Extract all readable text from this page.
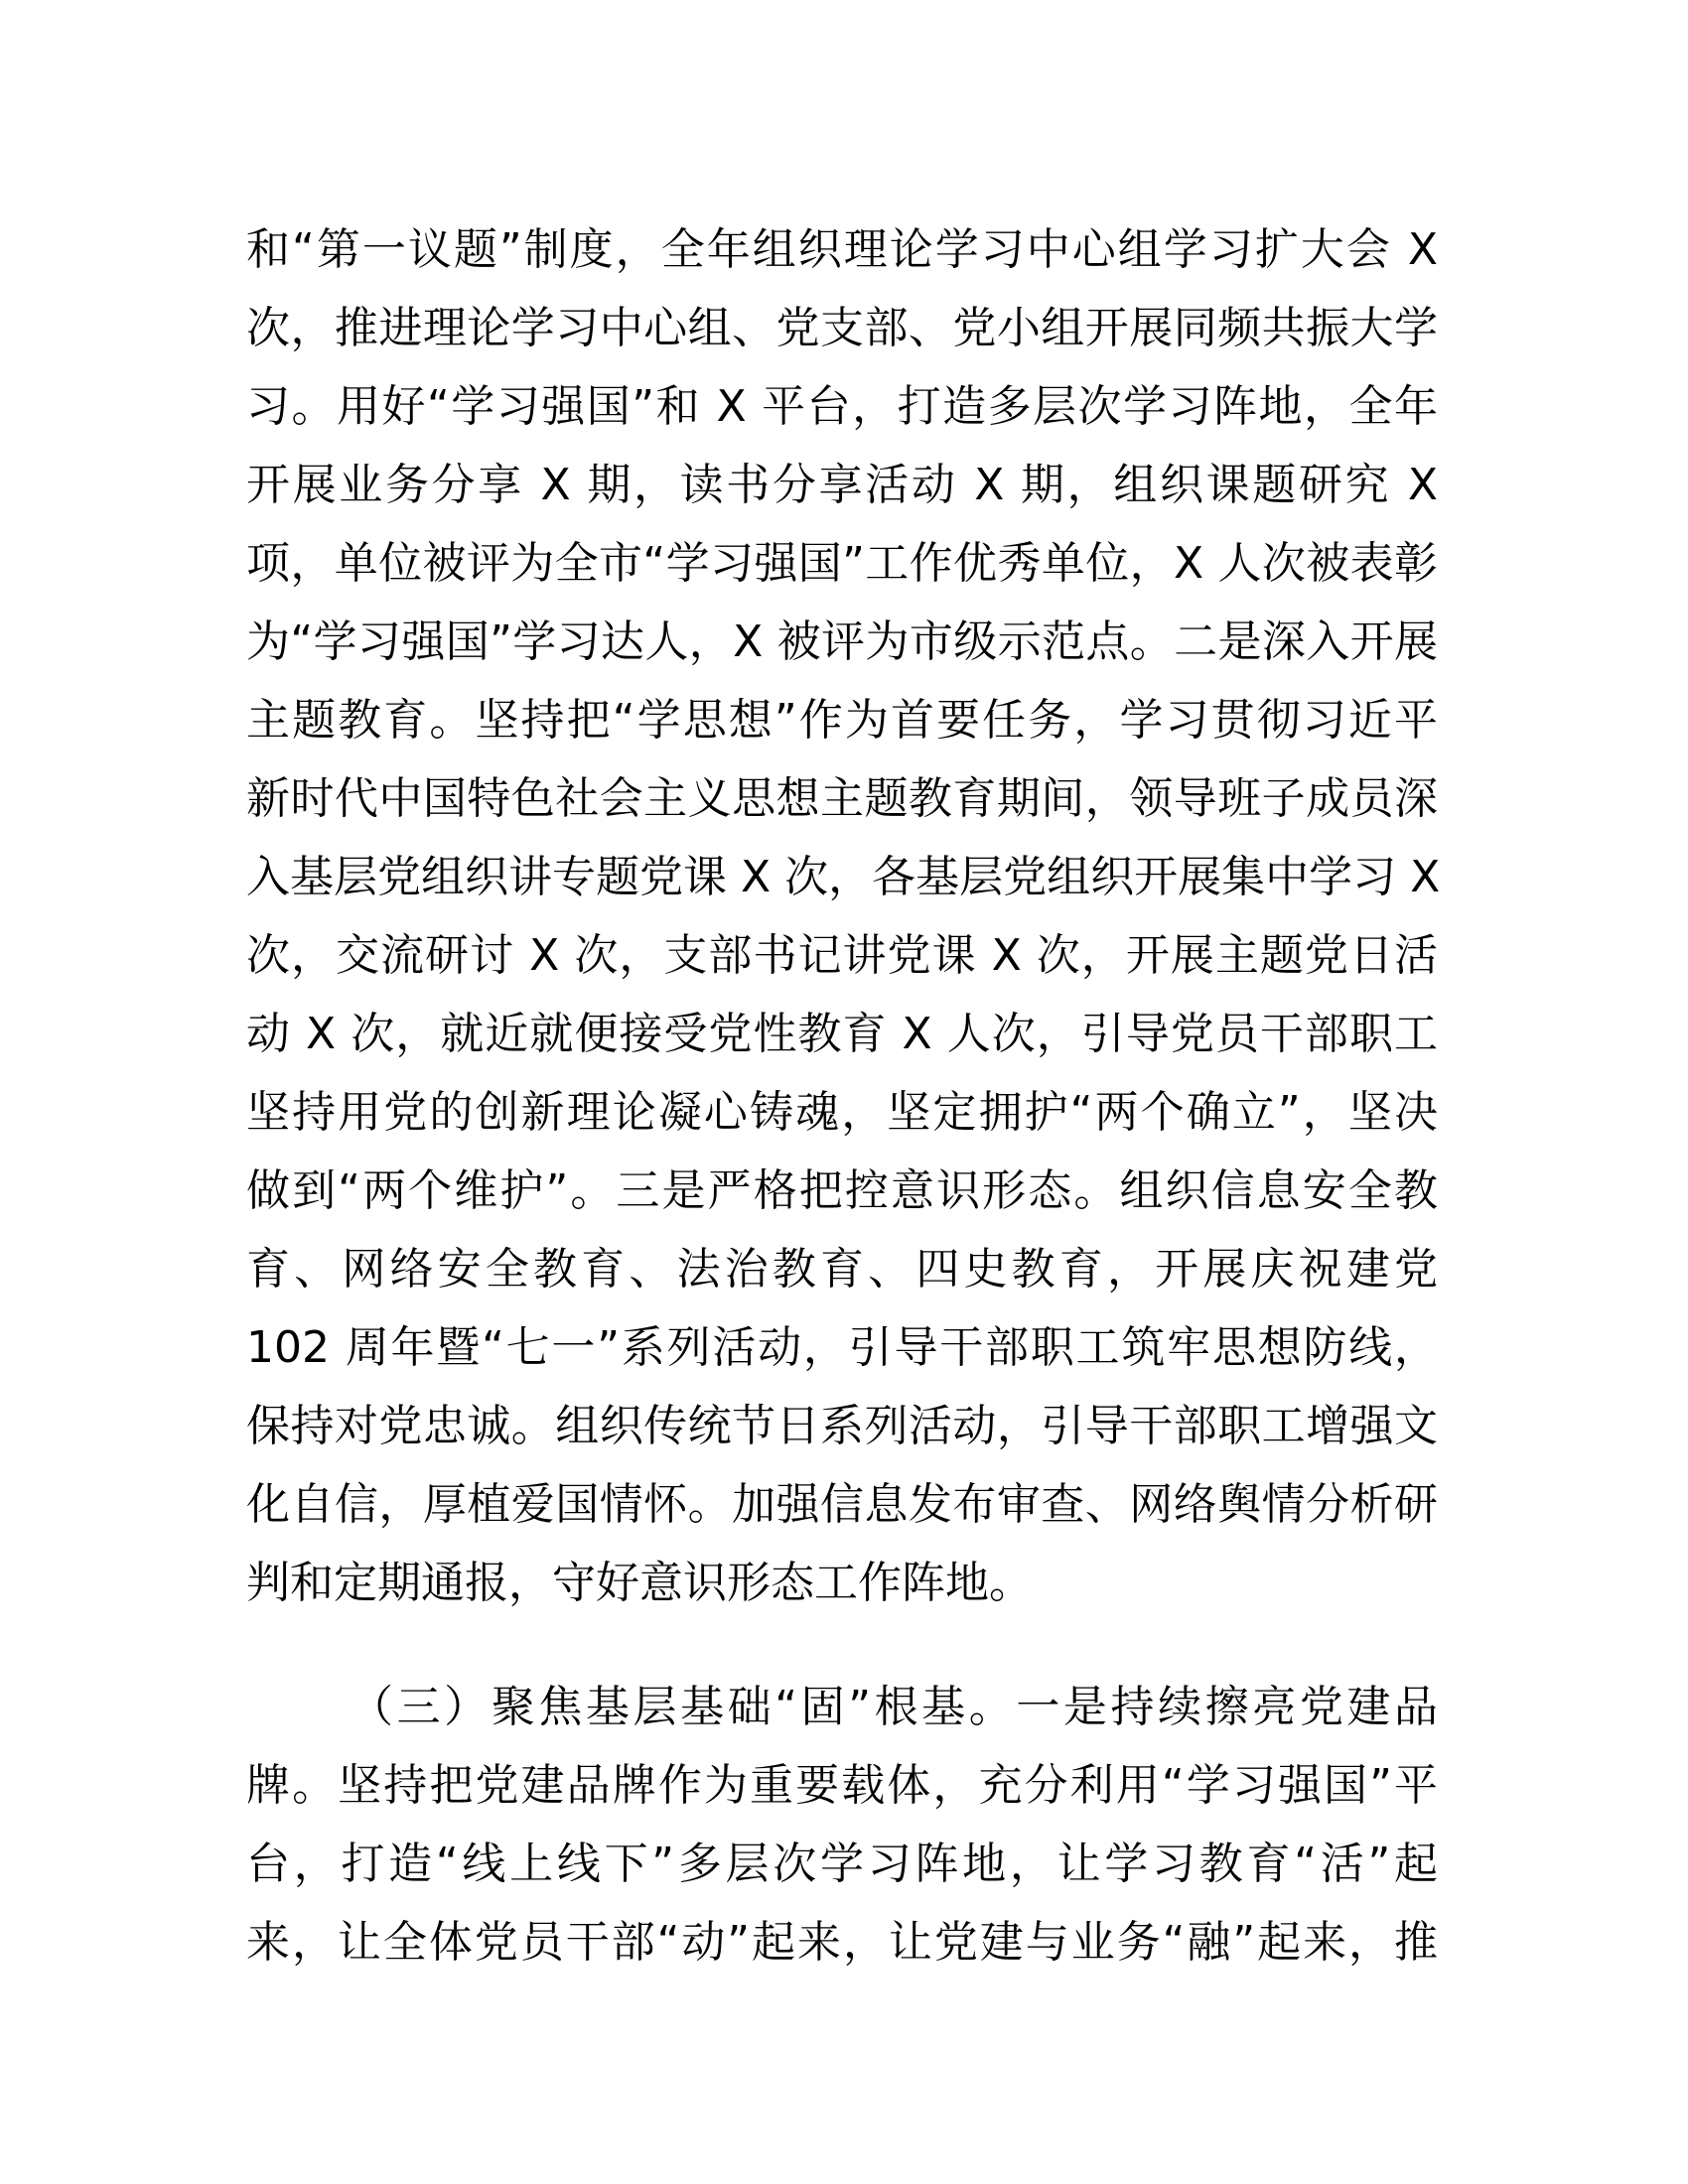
和“第一议题”制度，全年组织理论学习中心组学习扩大会 X
次，推进理论学习中心组、党支部、党小组开展同频共振大学
习。用好“学习强国”和 X 平台，打造多层次学习阵地，全年
开展业务分享 X 期，读书分享活动 X 期，组织课题研究 X
项，单位被评为全市“学习强国”工作优秀单位，X 人次被表彰
为“学习强国”学习达人，X 被评为市级示范点。二是深入开展
主题教育。坚持把“学思想”作为首要任务，学习贯彻习近平
新时代中国特色社会主义思想主题教育期间，领导班子成员深
入基层党组织讲专题党课 X 次，各基层党组织开展集中学习 X
次，交流研讨 X 次，支部书记讲党课 X 次，开展主题党日活
动 X 次，就近就便接受党性教育 X 人次，引导党员干部职工
坚持用党的创新理论凝心铸魂，坚定拥护“两个确立”，坚决
做到“两个维护”。三是严格把控意识形态。组织信息安全教
育、网络安全教育、法治教育、四史教育，开展庆祝建党
102 周年暨“七一”系列活动，引导干部职工筑牢思想防线，
保持对党忠诚。组织传统节日系列活动，引导干部职工增强文
化自信，厚植爱国情怀。加强信息发布审查、网络舆情分析研
判和定期通报，守好意识形态工作阵地。
（三）聚焦基层基础“固”根基。一是持续擦亮党建品
牌。坚持把党建品牌作为重要载体，充分利用“学习强国”平
台，打造“线上线下”多层次学习阵地，让学习教育“活”起
来，让全体党员干部“动”起来，让党建与业务“融”起来，推
